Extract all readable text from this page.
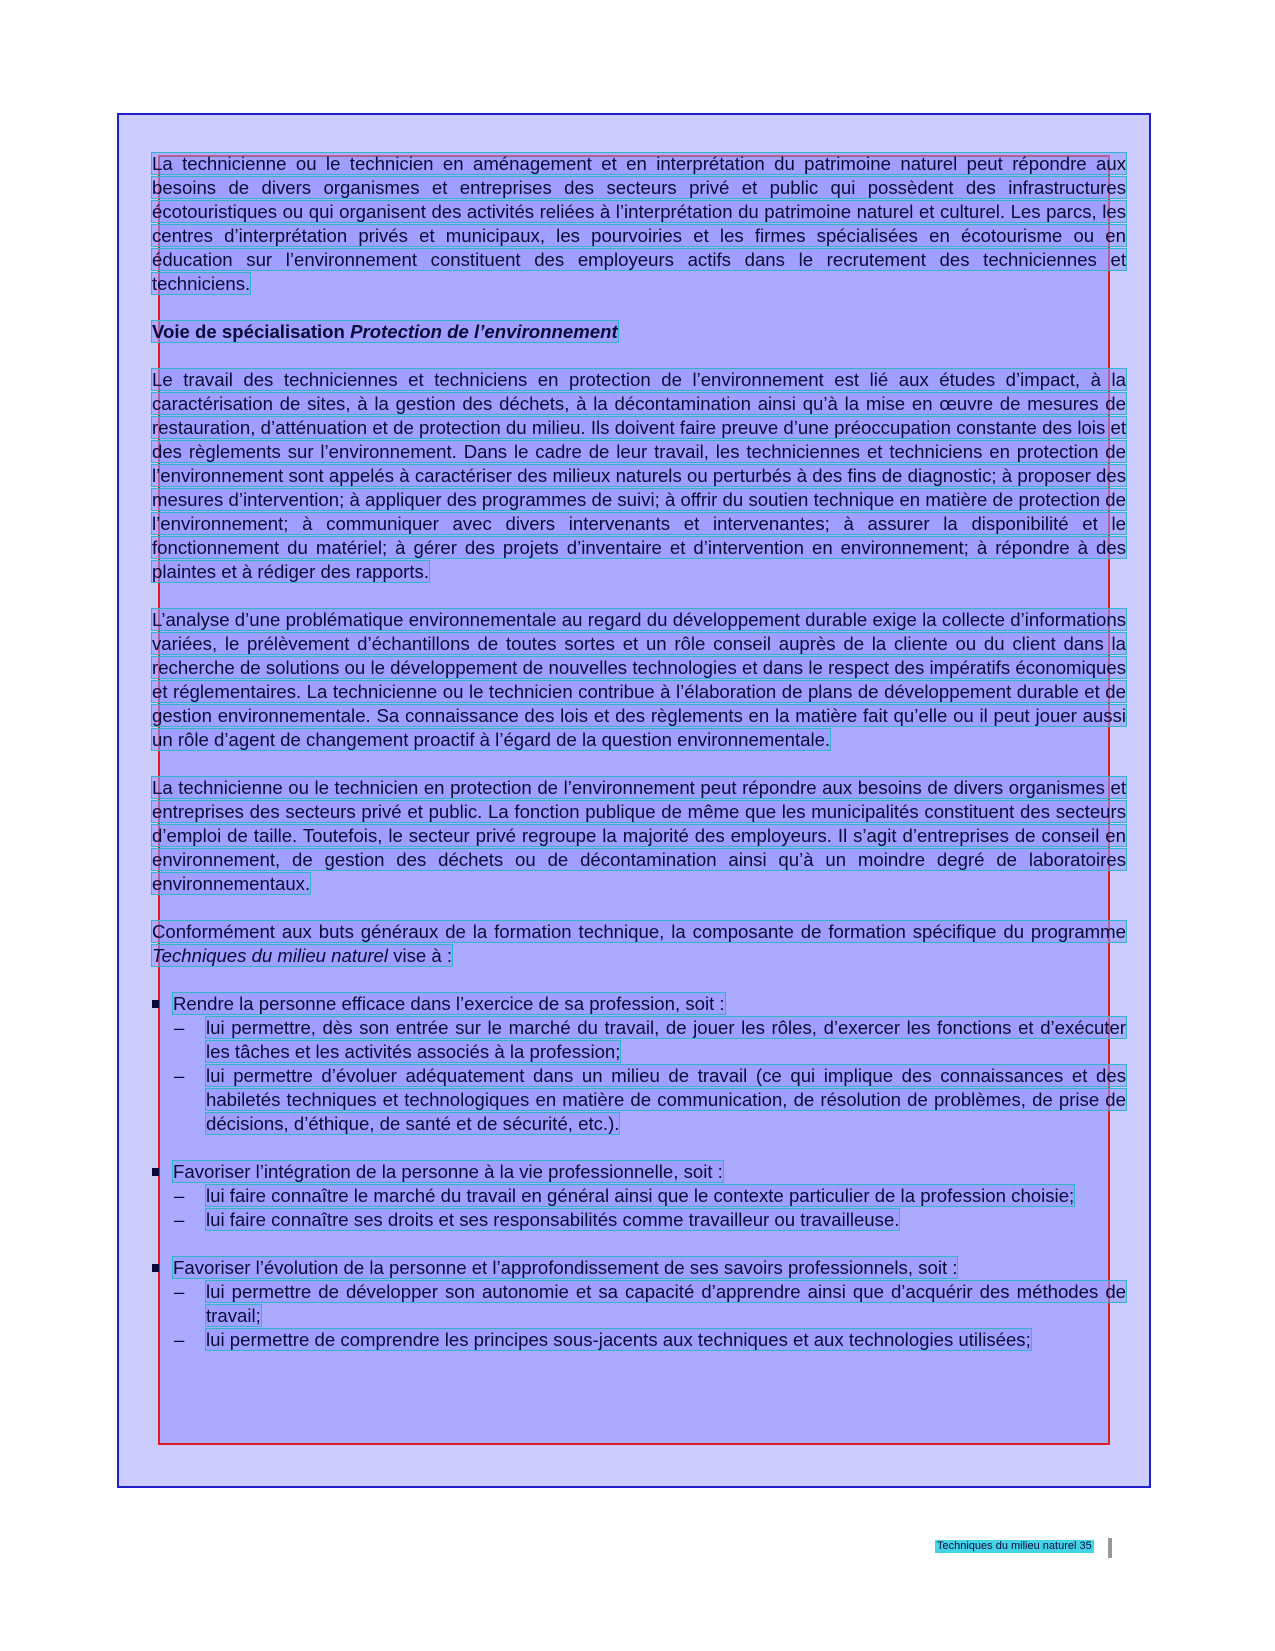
La technicienne ou le technicien en aménagement et en interprétation du patrimoine naturel peut répondre aux besoins de divers organismes et entreprises des secteurs privé et public qui possèdent des infrastructures écotouristiques ou qui organisent des activités reliées à l’interprétation du patrimoine naturel et culturel. Les parcs, les centres d’interprétation privés et municipaux, les pourvoiries et les firmes spécialisées en écotourisme ou en éducation sur l’environnement constituent des employeurs actifs dans le recrutement des techniciennes et techniciens.

Voie de spécialisation Protection de l’environnement

Le travail des techniciennes et techniciens en protection de l’environnement est lié aux études d’impact, à la caractérisation de sites, à la gestion des déchets, à la décontamination ainsi qu’à la mise en œuvre de mesures de restauration, d’atténuation et de protection du milieu. Ils doivent faire preuve d’une préoccupation constante des lois et des règlements sur l’environnement. Dans le cadre de leur travail, les techniciennes et techniciens en protection de l’environnement sont appelés à caractériser des milieux naturels ou perturbés à des fins de diagnostic; à proposer des mesures d’intervention; à appliquer des programmes de suivi; à offrir du soutien technique en matière de protection de l’environnement; à communiquer avec divers intervenants et intervenantes; à assurer la disponibilité et le fonctionnement du matériel; à gérer des projets d’inventaire et d’intervention en environnement; à répondre à des plaintes et à rédiger des rapports.

L’analyse d’une problématique environnementale au regard du développement durable exige la collecte d’informations variées, le prélèvement d’échantillons de toutes sortes et un rôle conseil auprès de la cliente ou du client dans la recherche de solutions ou le développement de nouvelles technologies et dans le respect des impératifs économiques et réglementaires. La technicienne ou le technicien contribue à l’élaboration de plans de développement durable et de gestion environnementale. Sa connaissance des lois et des règlements en la matière fait qu’elle ou il peut jouer aussi un rôle d’agent de changement proactif à l’égard de la question environnementale.

La technicienne ou le technicien en protection de l’environnement peut répondre aux besoins de divers organismes et entreprises des secteurs privé et public. La fonction publique de même que les municipalités constituent des secteurs d’emploi de taille. Toutefois, le secteur privé regroupe la majorité des employeurs. Il s’agit d’entreprises de conseil en environnement, de gestion des déchets ou de décontamination ainsi qu’à un moindre degré de laboratoires environnementaux.

Conformément aux buts généraux de la formation technique, la composante de formation spécifique du programme Techniques du milieu naturel vise à :

Rendre la personne efficace dans l’exercice de sa profession, soit :

– lui permettre, dès son entrée sur le marché du travail, de jouer les rôles, d’exercer les fonctions et d’exécuter les tâches et les activités associés à la profession;
– lui permettre d’évoluer adéquatement dans un milieu de travail (ce qui implique des connaissances et des habiletés techniques et technologiques en matière de communication, de résolution de problèmes, de prise de décisions, d’éthique, de santé et de sécurité, etc.).

Favoriser l’intégration de la personne à la vie professionnelle, soit :

– lui faire connaître le marché du travail en général ainsi que le contexte particulier de la profession choisie;
– lui faire connaître ses droits et ses responsabilités comme travailleur ou travailleuse.

Favoriser l’évolution de la personne et l’approfondissement de ses savoirs professionnels, soit :

– lui permettre de développer son autonomie et sa capacité d’apprendre ainsi que d’acquérir des méthodes de travail;
– lui permettre de comprendre les principes sous-jacents aux techniques et aux technologies utilisées;
Techniques du milieu naturel 35
